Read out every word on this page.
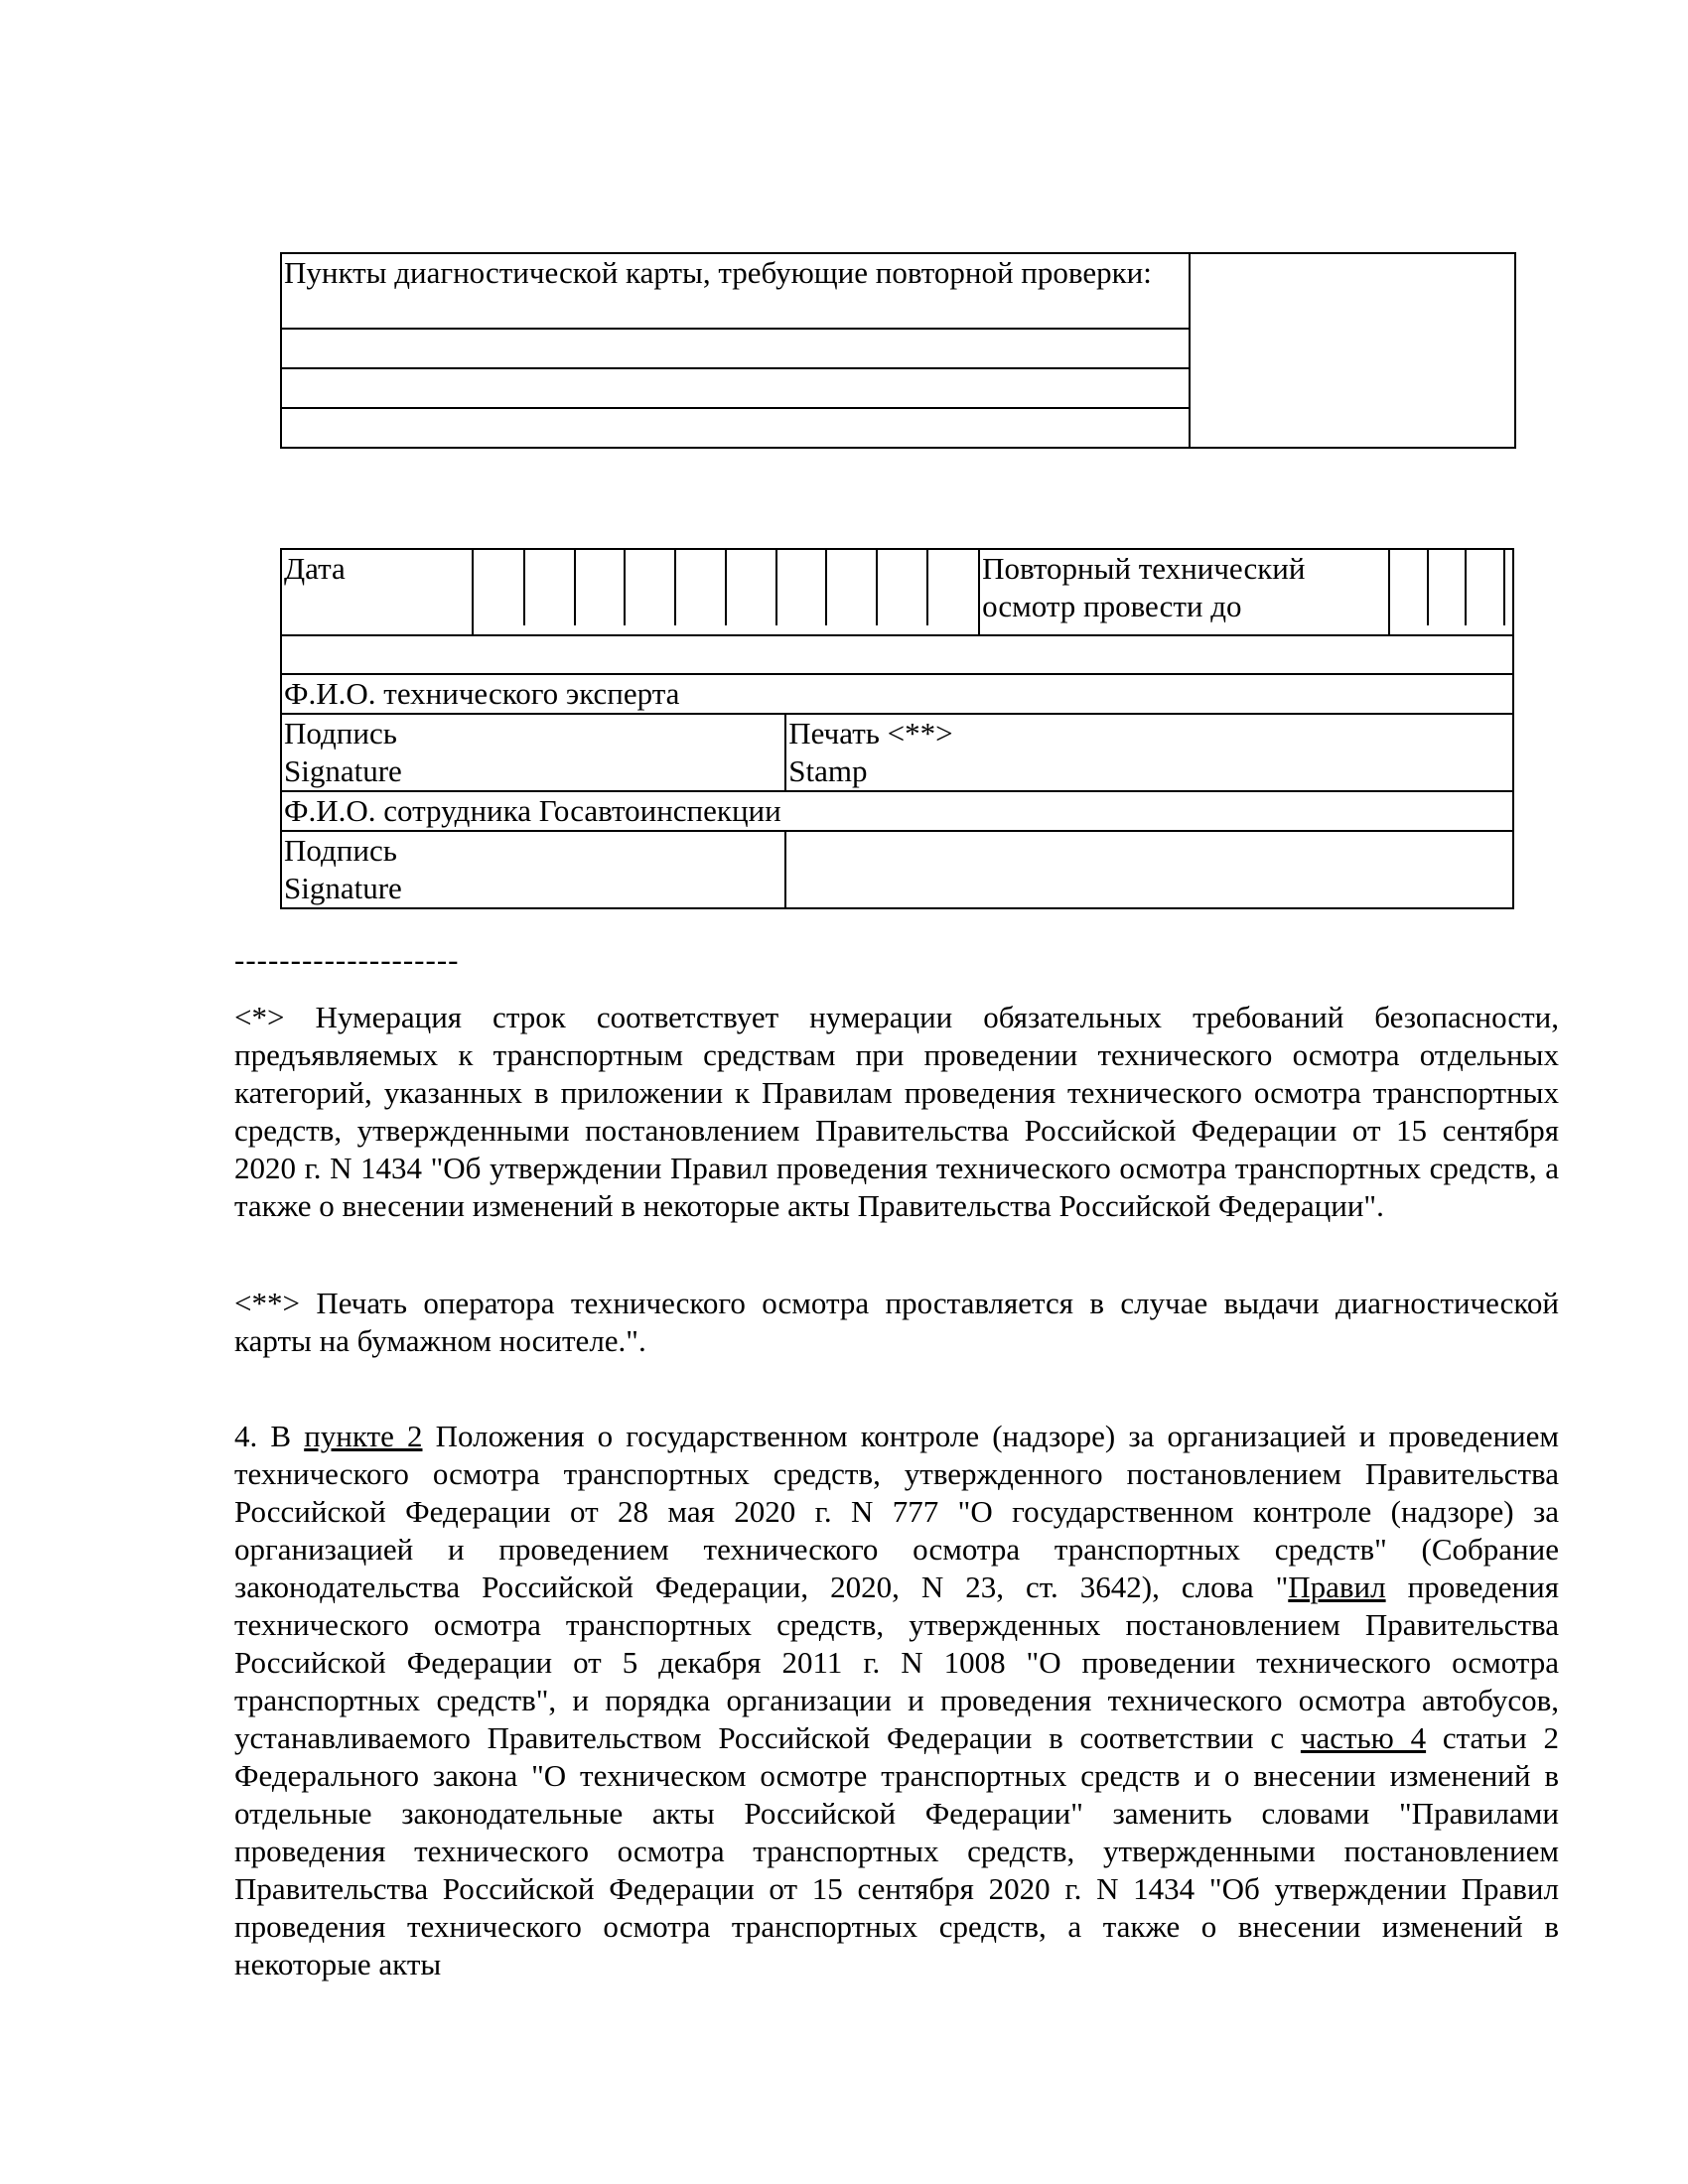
Пункты диагностической карты, требующие повторной проверки:	

Дата			Повторный технический осмотр провести до	

Ф.И.О. технического эксперта

Подпись
Signature

Печать <**>
Stamp

Ф.И.О. сотрудника Госавтоинспекции

Подпись
Signature

--------------------

<*> Нумерация строк соответствует нумерации обязательных требований безопасности, предъявляемых к транспортным средствам при проведении технического осмотра отдельных категорий, указанных в приложении к Правилам проведения технического осмотра транспортных средств, утвержденными постановлением Правительства Российской Федерации от 15 сентября 2020 г. N 1434 "Об утверждении Правил проведения технического осмотра транспортных средств, а также о внесении изменений в некоторые акты Правительства Российской Федерации".

<**> Печать оператора технического осмотра проставляется в случае выдачи диагностической карты на бумажном носителе.".

4. В пункте 2 Положения о государственном контроле (надзоре) за организацией и проведением технического осмотра транспортных средств, утвержденного постановлением Правительства Российской Федерации от 28 мая 2020 г. N 777 "О государственном контроле (надзоре) за организацией и проведением технического осмотра транспортных средств" (Собрание законодательства Российской Федерации, 2020, N 23, ст. 3642), слова "Правил проведения технического осмотра транспортных средств, утвержденных постановлением Правительства Российской Федерации от 5 декабря 2011 г. N 1008 "О проведении технического осмотра транспортных средств", и порядка организации и проведения технического осмотра автобусов, устанавливаемого Правительством Российской Федерации в соответствии с частью 4 статьи 2 Федерального закона "О техническом осмотре транспортных средств и о внесении изменений в отдельные законодательные акты Российской Федерации" заменить словами "Правилами проведения технического осмотра транспортных средств, утвержденными постановлением Правительства Российской Федерации от 15 сентября 2020 г. N 1434 "Об утверждении Правил проведения технического осмотра транспортных средств, а также о внесении изменений в некоторые акты
